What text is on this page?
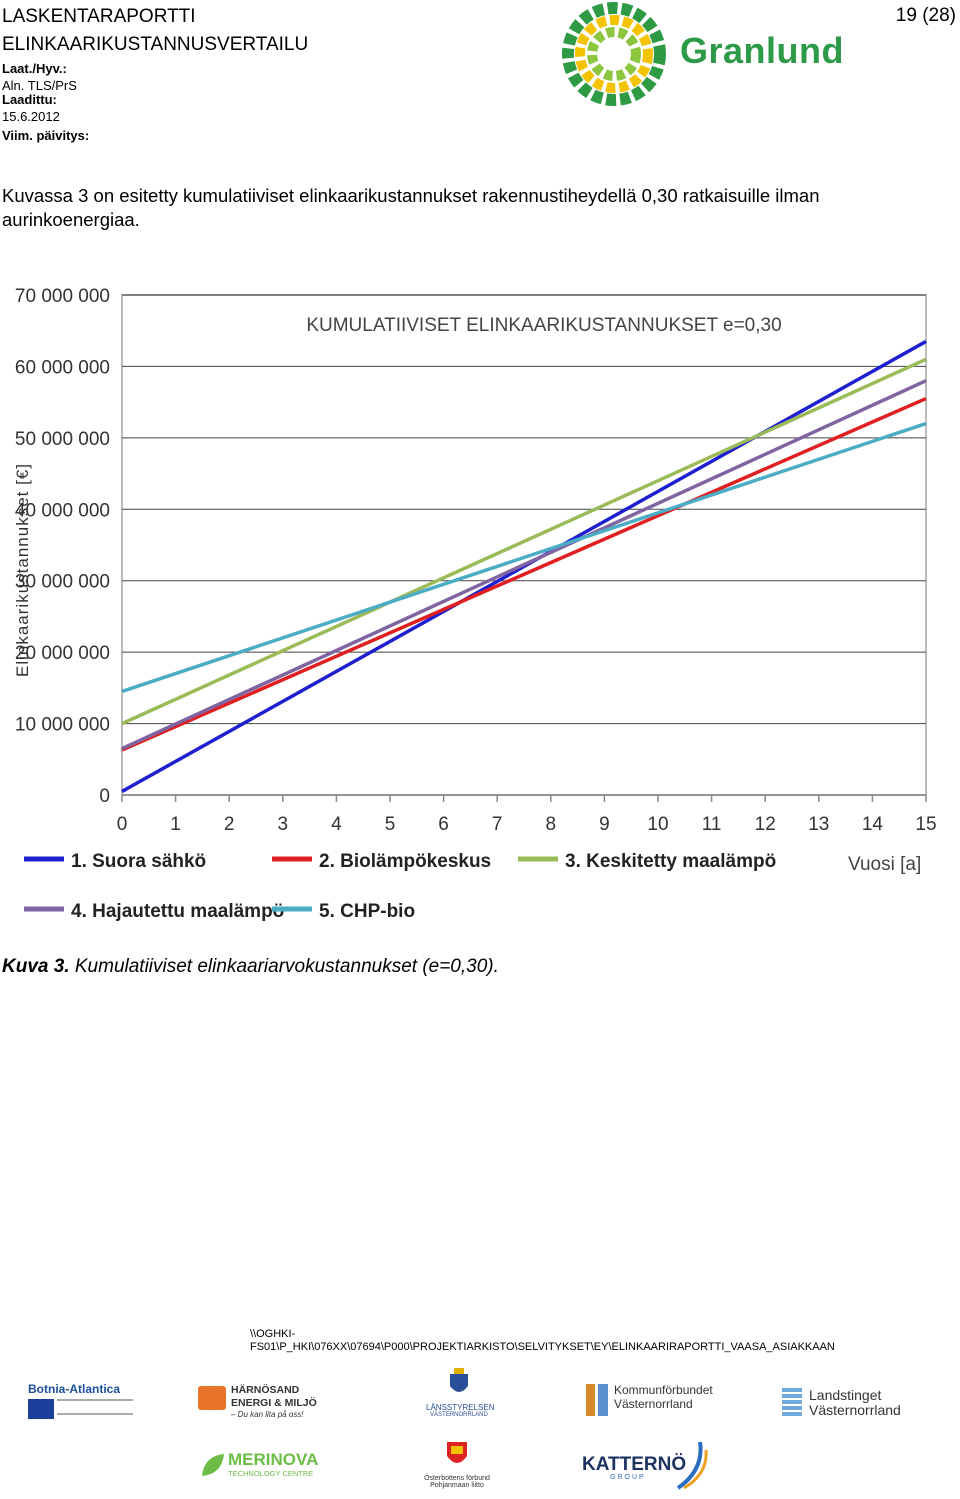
LASKENTARAPORTTI
ELINKAARIKUSTANNUSVERTAILU
Laat./Hyv.:
Aln. TLS/PrS
Laadittu:
15.6.2012
Viim. päivitys:
19 (28)
Granlund
Kuvassa 3 on esitetty kumulatiiviset elinkaarikustannukset rakennustiheydellä 0,30 ratkaisuille ilman aurinkoenergiaa.
0
10 000 000
20 000 000
30 000 000
40 000 000
50 000 000
60 000 000
70 000 000
0 1 2 3 4 5 6 7 8 9 10 11 12 13 14 15
KUMULATIIVISET ELINKAARIKUSTANNUKSET e=0,30
Elinkaarikustannukset [€]
Vuosi [a]
1. Suora sähkö	2. Biolämpökeskus	3. Keskitetty maalämpö
4. Hajautettu maalämpö 5. CHP-bio
Kuva 3. Kumulatiiviset elinkaariarvokustannukset (e=0,30).
\\OGHKI-
FS01\P_HKI\076XX\07694\P000\PROJEKTIARKISTO\SELVITYKSET\EY\ELINKAARIRAPORTTI_VAASA_ASIAKKAAN
Botnia-Atlantica	HÄRNÖSAND
ENERGI & MILJÖ
– Du kan lita på oss!
LÄNSSTYRELSEN
VÄSTERNORRLAND
Kommunförbundet
Västernorrland
Landstinget
Västernorrland
MERINOVA
TECHNOLOGY CENTRE
Österbottens förbund
Pohjanmaan liitto
KATTERNÖ
GROUP
